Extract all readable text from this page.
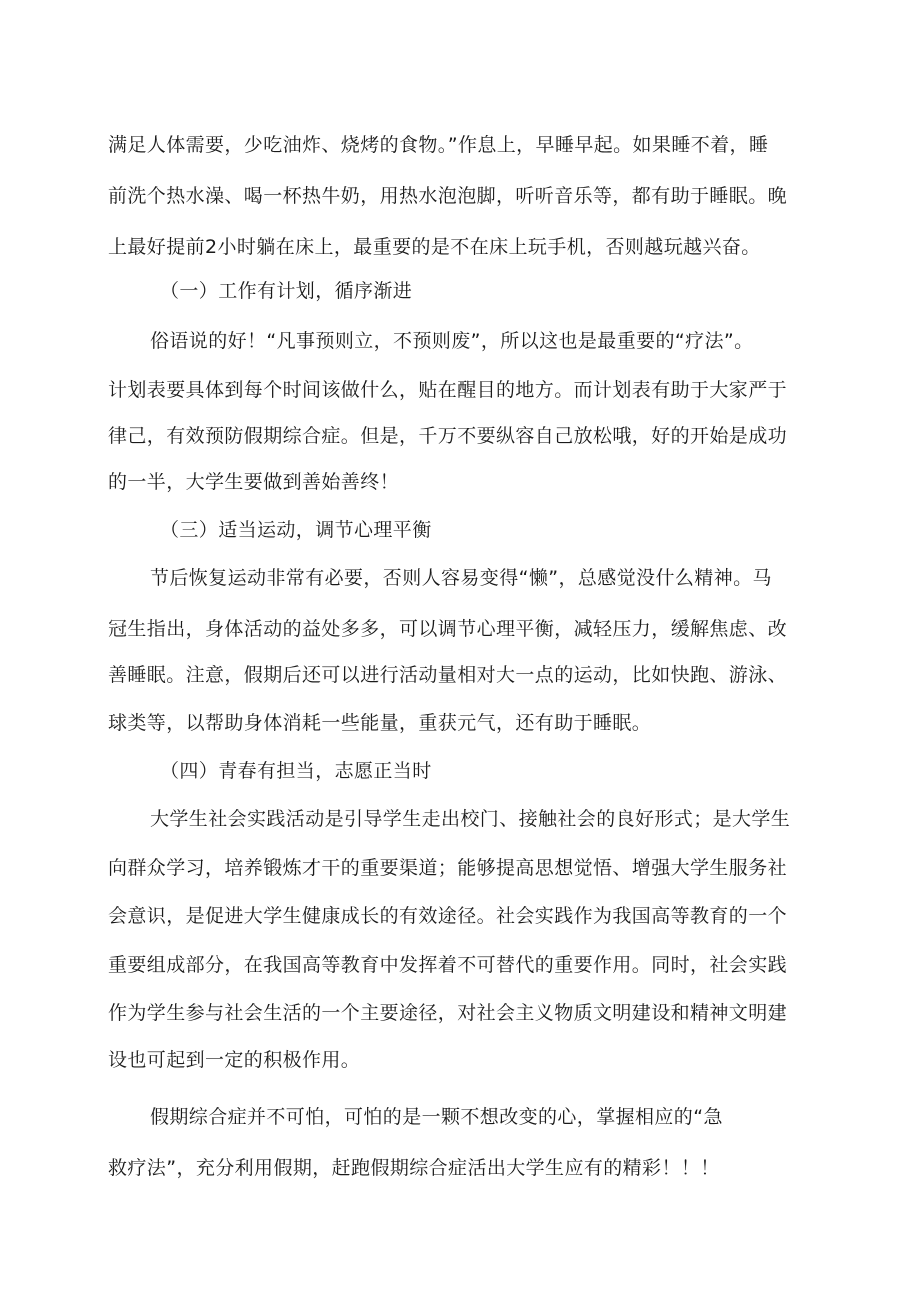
满足人体需要，少吃油炸、烧烤的食物。”作息上，早睡早起。如果睡不着，睡
前洗个热水澡、喝一杯热牛奶，用热水泡泡脚，听听音乐等，都有助于睡眠。晚
上最好提前2小时躺在床上，最重要的是不在床上玩手机，否则越玩越兴奋。
（一）工作有计划，循序渐进
俗语说的好！“凡事预则立，不预则废”，所以这也是最重要的“疗法”。
计划表要具体到每个时间该做什么，贴在醒目的地方。而计划表有助于大家严于
律己，有效预防假期综合症。但是，千万不要纵容自己放松哦，好的开始是成功
的一半，大学生要做到善始善终！
（三）适当运动，调节心理平衡
节后恢复运动非常有必要，否则人容易变得“懒”，总感觉没什么精神。马
冠生指出，身体活动的益处多多，可以调节心理平衡，减轻压力，缓解焦虑、改
善睡眠。注意，假期后还可以进行活动量相对大一点的运动，比如快跑、游泳、
球类等，以帮助身体消耗一些能量，重获元气，还有助于睡眠。
（四）青春有担当，志愿正当时
大学生社会实践活动是引导学生走出校门、接触社会的良好形式；是大学生
向群众学习，培养锻炼才干的重要渠道；能够提高思想觉悟、增强大学生服务社
会意识，是促进大学生健康成长的有效途径。社会实践作为我国高等教育的一个
重要组成部分，在我国高等教育中发挥着不可替代的重要作用。同时，社会实践
作为学生参与社会生活的一个主要途径，对社会主义物质文明建设和精神文明建
设也可起到一定的积极作用。
假期综合症并不可怕，可怕的是一颗不想改变的心，掌握相应的“急
救疗法”，充分利用假期，赶跑假期综合症活出大学生应有的精彩！！！
